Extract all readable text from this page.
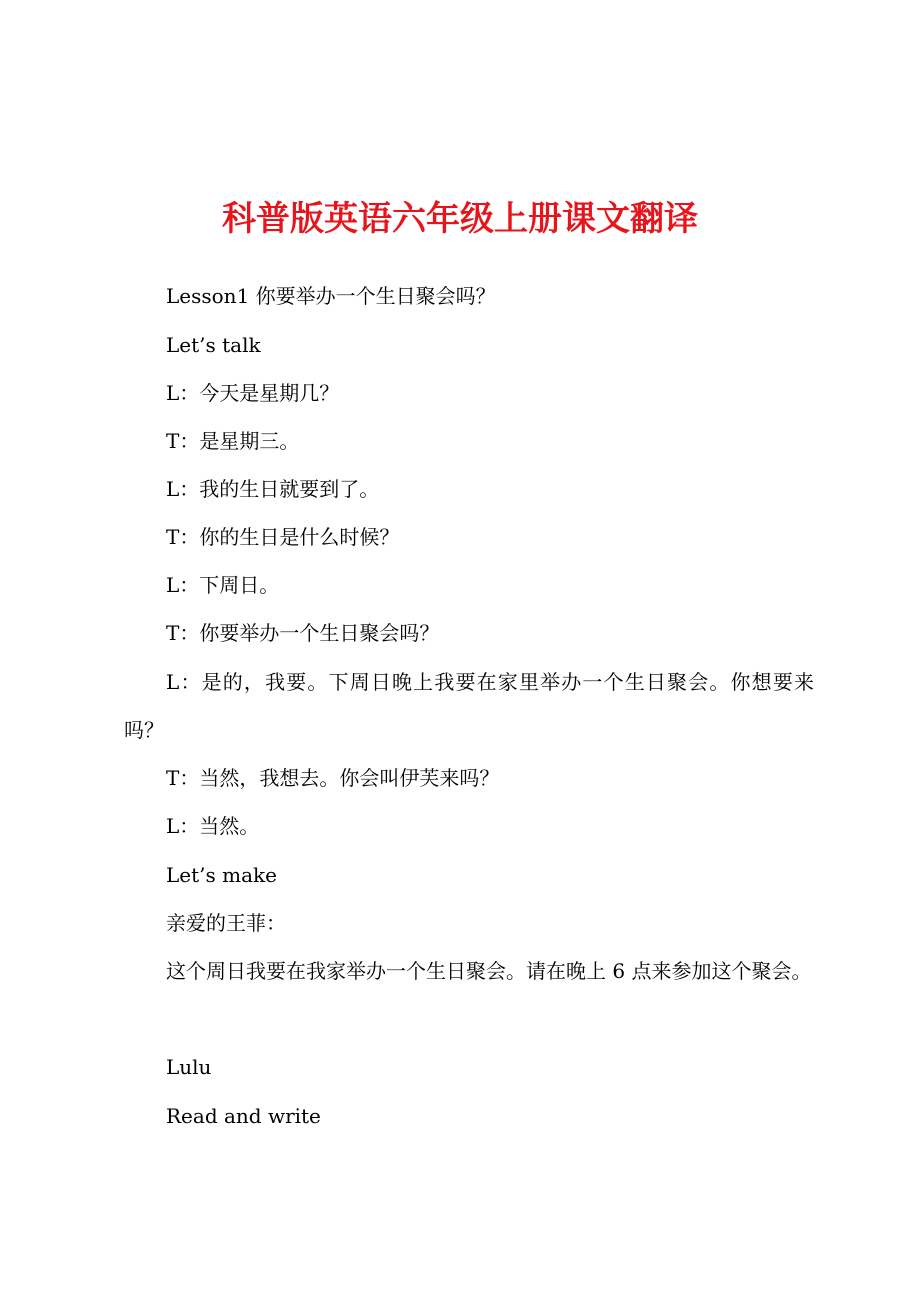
科普版英语六年级上册课文翻译

Lesson1 你要举办一个生日聚会吗？

Let’s talk

L：今天是星期几？

T：是星期三。

L：我的生日就要到了。

T：你的生日是什么时候？

L：下周日。

T：你要举办一个生日聚会吗？

L：是的，我要。下周日晚上我要在家里举办一个生日聚会。你想要来吗？

T：当然，我想去。你会叫伊芙来吗？

L：当然。

Let’s make

亲爱的王菲：

这个周日我要在我家举办一个生日聚会。请在晚上 6 点来参加这个聚会。

Lulu

Read and write
